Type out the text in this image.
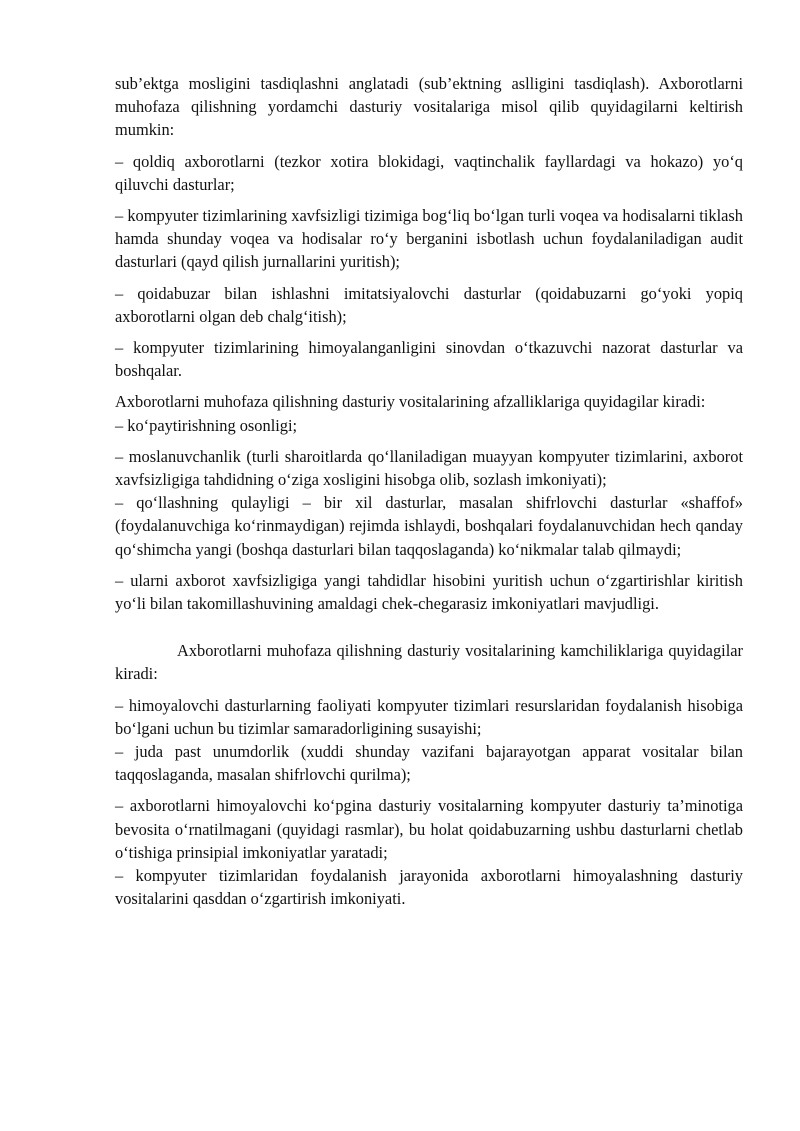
sub’ektga mosligini tasdiqlashni anglatadi (sub’ektning aslligini tasdiqlash). Axborotlarni muhofaza qilishning yordamchi dasturiy vositalariga misol qilib quyidagilarni keltirish mumkin:

– qoldiq axborotlarni (tezkor xotira blokidagi, vaqtinchalik fayllardagi va hokazo) yo‘q qiluvchi dasturlar;

– kompyuter tizimlarining xavfsizligi tizimiga bog‘liq bo‘lgan turli voqea va hodisalarni tiklash hamda shunday voqea va hodisalar ro‘y berganini isbotlash uchun foydalaniladigan audit dasturlari (qayd qilish jurnallarini yuritish);

– qoidabuzar bilan ishlashni imitatsiyalovchi dasturlar (qoidabuzarni go‘yoki yopiq axborotlarni olgan deb chalg‘itish);

– kompyuter tizimlarining himoyalanganligini sinovdan o‘tkazuvchi nazorat dasturlar va boshqalar.

Axborotlarni muhofaza qilishning dasturiy vositalarining afzalliklariga quyidagilar kiradi:
– ko‘paytirishning osonligi;

– moslanuvchanlik (turli sharoitlarda qo‘llaniladigan muayyan kompyuter tizimlarini, axborot xavfsizligiga tahdidning o‘ziga xosligini hisobga olib, sozlash imkoniyati);
– qo‘llashning qulayligi – bir xil dasturlar, masalan shifrlovchi dasturlar «shaffof» (foydalanuvchiga ko‘rinmaydigan) rejimda ishlaydi, boshqalari foydalanuvchidan hech qanday qo‘shimcha yangi (boshqa dasturlari bilan taqqoslaganda) ko‘nikmalar talab qilmaydi;

– ularni axborot xavfsizligiga yangi tahdidlar hisobini yuritish uchun o‘zgartirishlar kiritish yo‘li bilan takomillashuvining amaldagi chek-chegarasiz imkoniyatlari mavjudligi.

Axborotlarni muhofaza qilishning dasturiy vositalarining kamchiliklariga quyidagilar kiradi:

– himoyalovchi dasturlarning faoliyati kompyuter tizimlari resurslaridan foydalanish hisobiga bo‘lgani uchun bu tizimlar samaradorligining susayishi;
– juda past unumdorlik (xuddi shunday vazifani bajarayotgan apparat vositalar bilan taqqoslaganda, masalan shifrlovchi qurilma);

– axborotlarni himoyalovchi ko‘pgina dasturiy vositalarning kompyuter dasturiy ta’minotiga bevosita o‘rnatilmagani (quyidagi rasmlar), bu holat qoidabuzarning ushbu dasturlarni chetlab o‘tishiga prinsipial imkoniyatlar yaratadi;
– kompyuter tizimlaridan foydalanish jarayonida axborotlarni himoyalashning dasturiy vositalarini qasddan o‘zgartirish imkoniyati.
